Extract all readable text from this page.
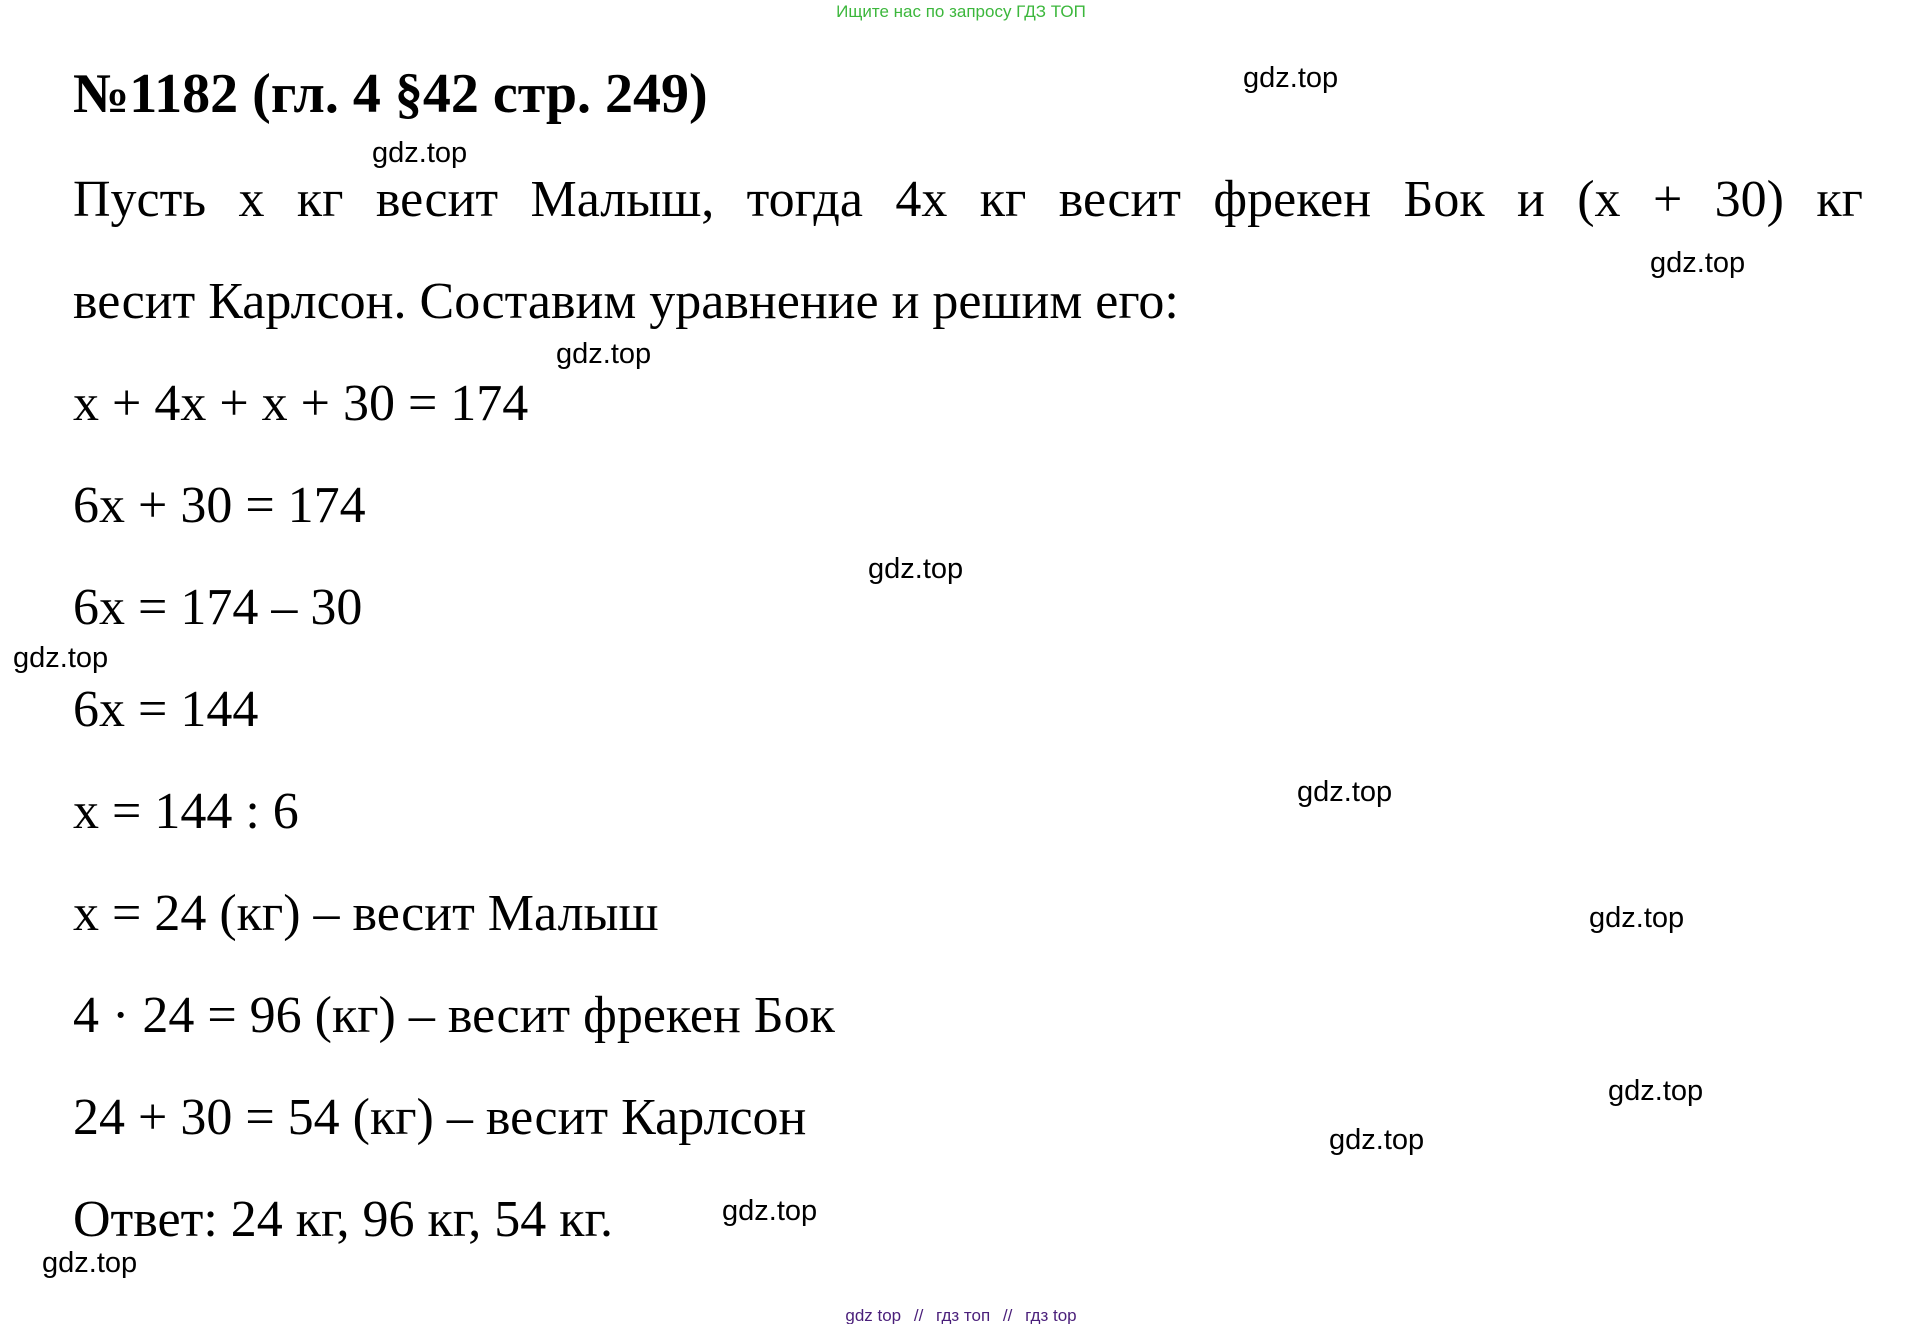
Ищите нас по запросу ГДЗ ТОП
№1182 (гл. 4 §42 стр. 249)
Пусть х кг весит Малыш, тогда 4х кг весит фрекен Бок и (х + 30) кг
весит Карлсон. Составим уравнение и решим его:
х + 4х + х + 30 = 174
6х + 30 = 174
6х = 174 – 30
6х = 144
х = 144 : 6
х = 24 (кг) – весит Малыш
4 · 24 = 96 (кг) – весит фрекен Бок
24 + 30 = 54 (кг) – весит Карлсон
Ответ: 24 кг, 96 кг, 54 кг.
gdz.top
gdz.top
gdz.top
gdz.top
gdz.top
gdz.top
gdz.top
gdz.top
gdz.top
gdz.top
gdz.top
gdz.top
gdz top // гдз топ // гдз top
